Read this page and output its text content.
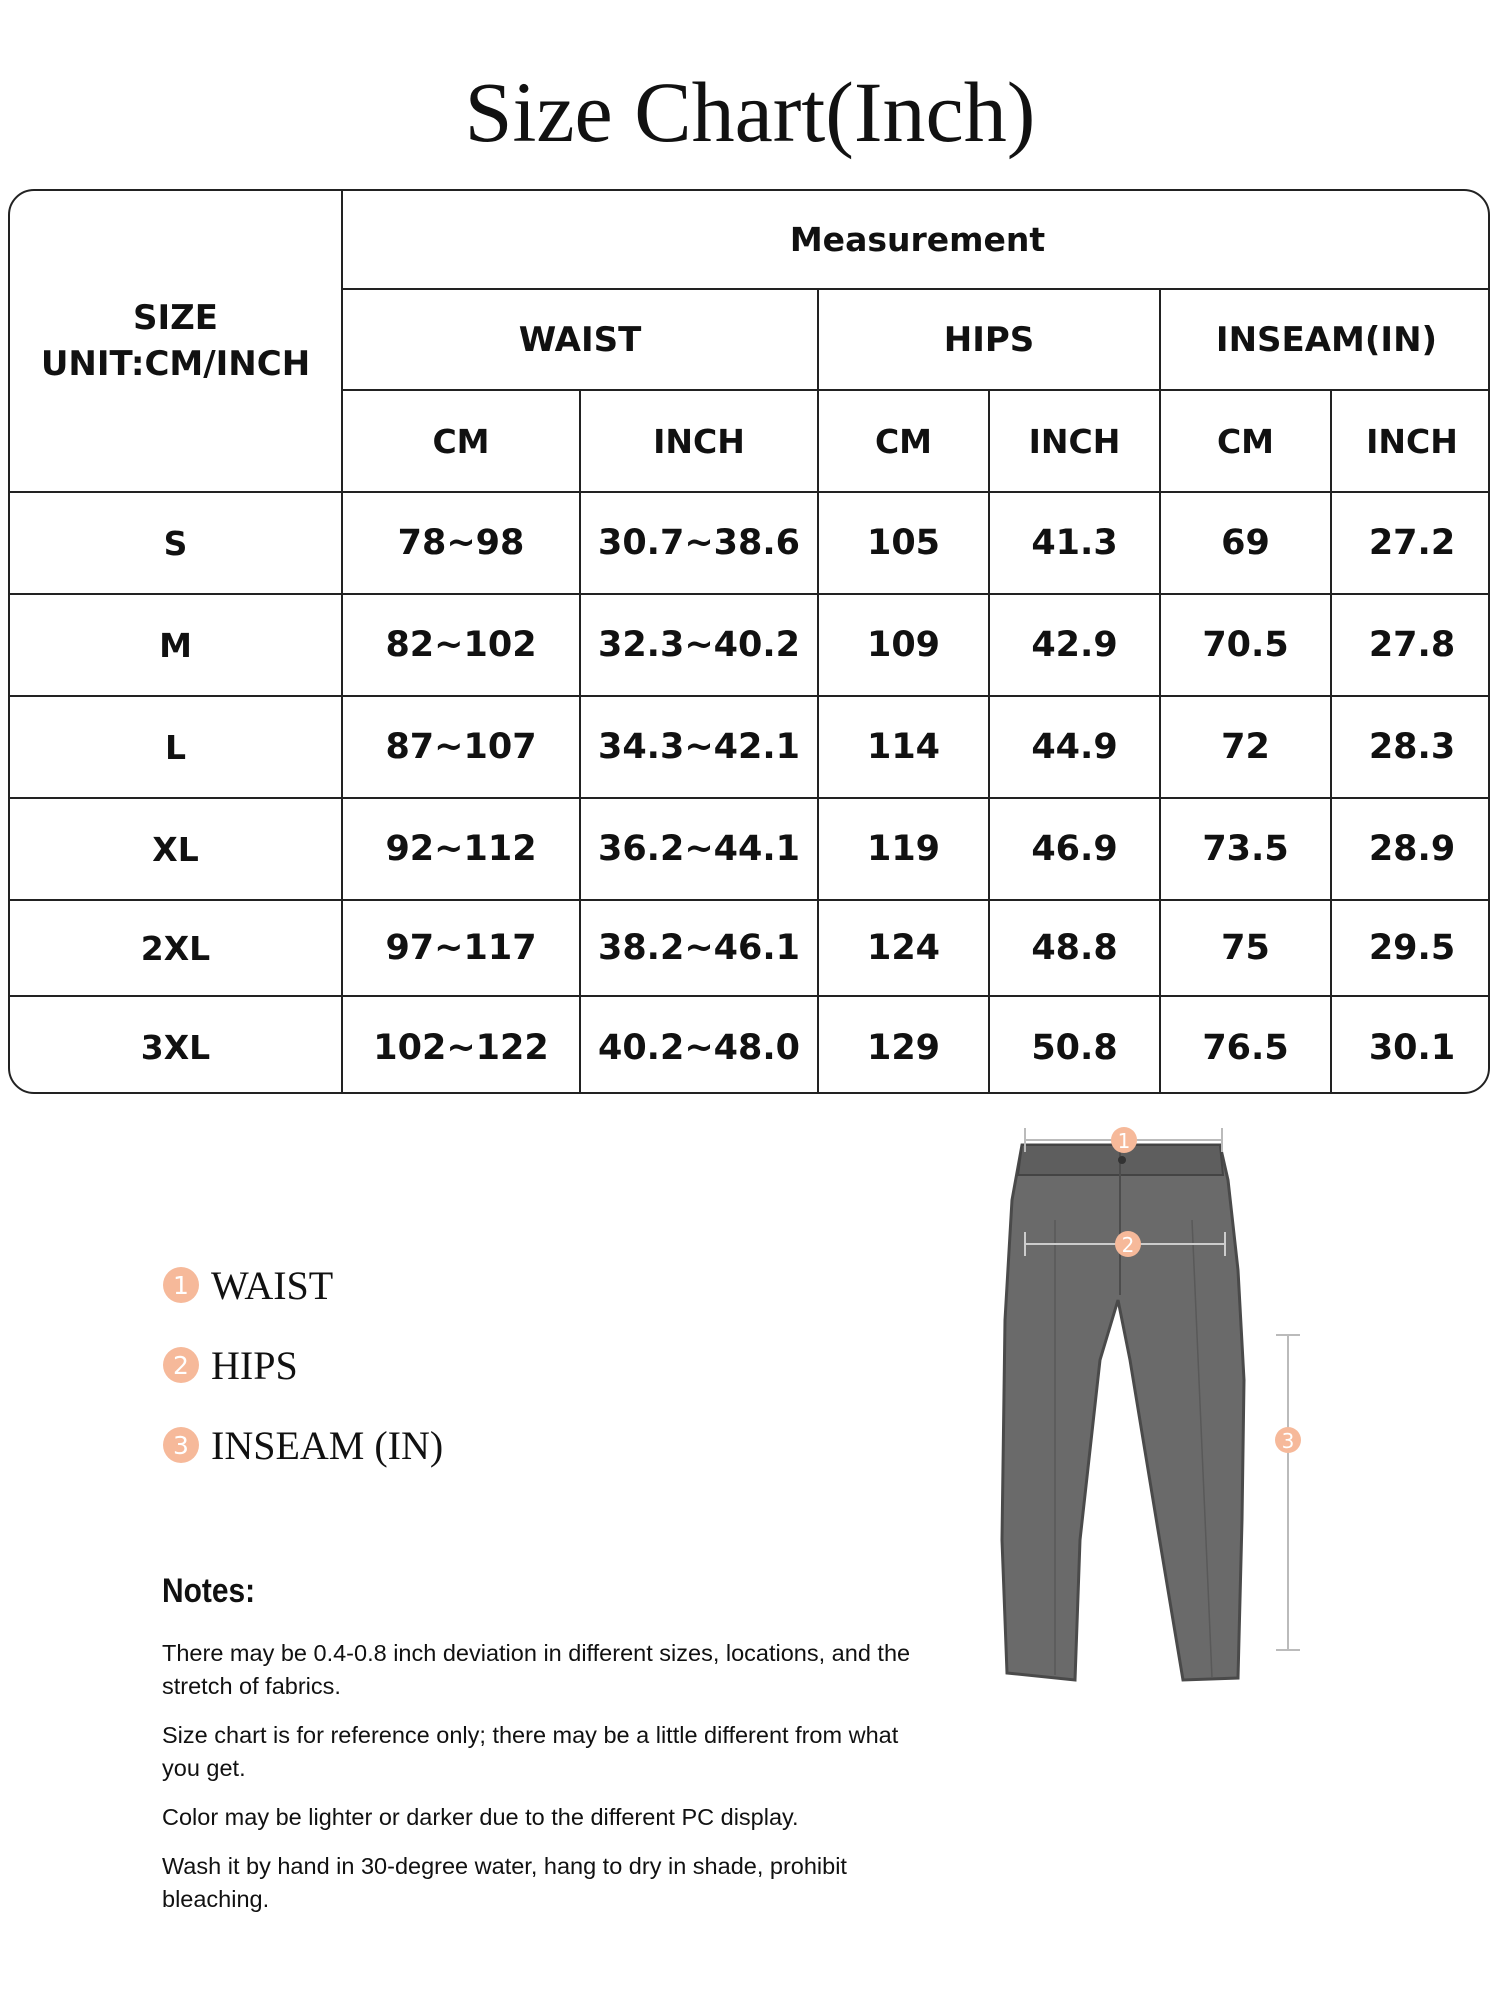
Size Chart(Inch)
SIZE
UNIT:CM/INCH	Measurement					
	WAIST		HIPS		INSEAM(IN)	
	CM	INCH	CM	INCH	CM	INCH
S	78~98	30.7~38.6	105	41.3	69	27.2
M	82~102	32.3~40.2	109	42.9	70.5	27.8
L	87~107	34.3~42.1	114	44.9	72	28.3
XL	92~112	36.2~44.1	119	46.9	73.5	28.9
2XL	97~117	38.2~46.1	124	48.8	75	29.5
3XL	102~122	40.2~48.0	129	50.8	76.5	30.1
1 WAIST
2 HIPS
3 INSEAM (IN)
Notes:
There may be 0.4-0.8 inch deviation in different sizes, locations, and the stretch of fabrics.
Size chart is for reference only; there may be a little different from what you get.
Color may be lighter or darker due to the different PC display.
Wash it by hand in 30-degree water, hang to dry in shade, prohibit bleaching.
1
2
3
